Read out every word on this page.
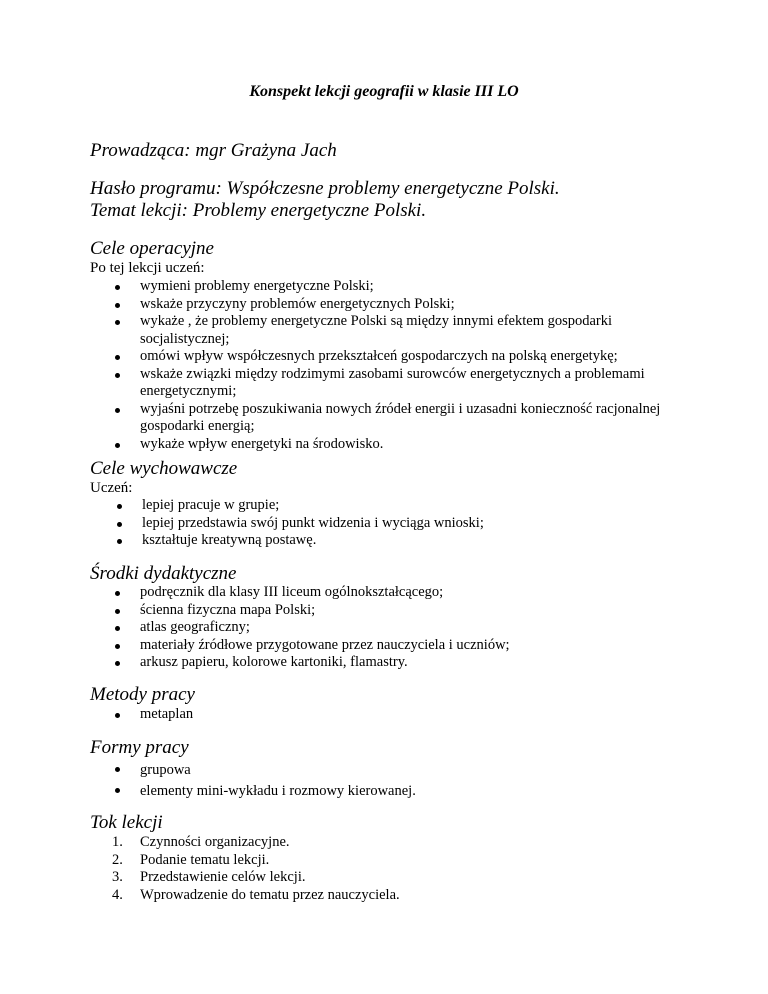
Konspekt lekcji geografii w klasie III LO
Prowadząca: mgr Grażyna Jach
Hasło programu: Współczesne problemy energetyczne Polski.
Temat lekcji: Problemy energetyczne Polski.
Cele operacyjne
Po tej lekcji uczeń:
wymieni problemy energetyczne Polski;
wskaże przyczyny problemów energetycznych Polski;
wykaże , że problemy energetyczne Polski są między innymi efektem gospodarki socjalistycznej;
omówi wpływ współczesnych przekształceń gospodarczych na polską energetykę;
wskaże związki między rodzimymi zasobami surowców energetycznych a problemami energetycznymi;
wyjaśni potrzebę poszukiwania nowych źródeł energii i uzasadni konieczność racjonalnej gospodarki energią;
wykaże wpływ energetyki na środowisko.
Cele wychowawcze
Uczeń:
lepiej pracuje w grupie;
lepiej przedstawia swój punkt widzenia i wyciąga wnioski;
kształtuje kreatywną postawę.
Środki dydaktyczne
podręcznik dla klasy III liceum ogólnokształcącego;
ścienna fizyczna mapa Polski;
atlas geograficzny;
materiały źródłowe przygotowane przez nauczyciela i uczniów;
arkusz papieru, kolorowe kartoniki, flamastry.
Metody pracy
metaplan
Formy pracy
grupowa
elementy mini-wykładu i rozmowy kierowanej.
Tok lekcji
1. Czynności organizacyjne.
2. Podanie tematu lekcji.
3. Przedstawienie celów lekcji.
4. Wprowadzenie do tematu przez nauczyciela.
